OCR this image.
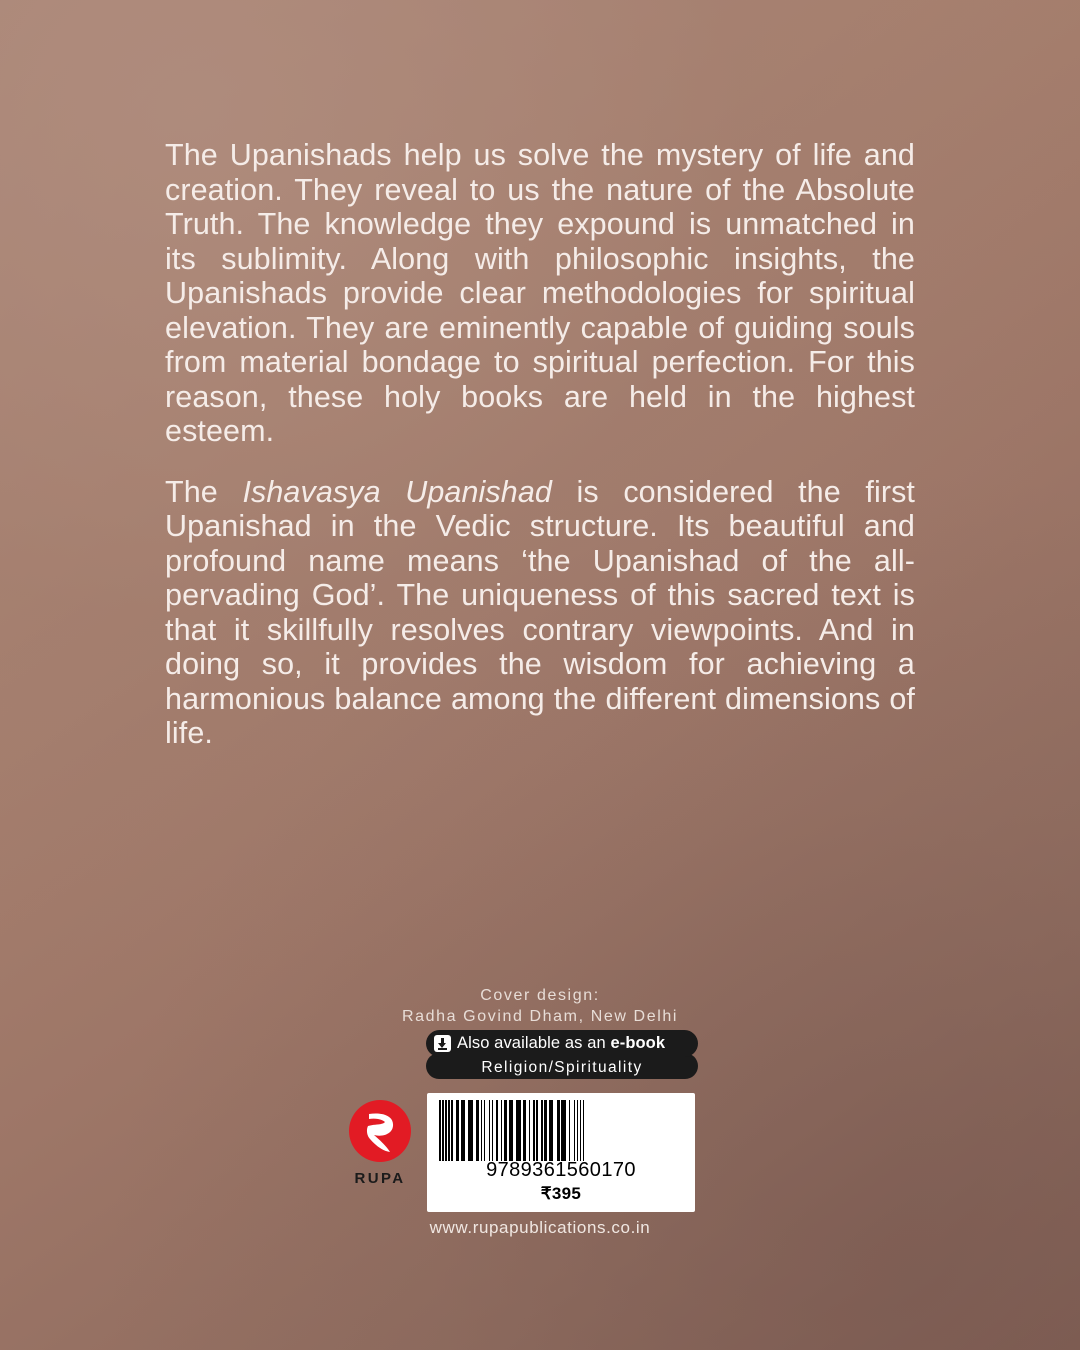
The Upanishads help us solve the mystery of life and creation. They reveal to us the nature of the Absolute Truth. The knowledge they expound is unmatched in its sublimity. Along with philosophic insights, the Upanishads provide clear methodologies for spiritual elevation. They are eminently capable of guiding souls from material bondage to spiritual perfection. For this reason, these holy books are held in the highest esteem.

The Ishavasya Upanishad is considered the first Upanishad in the Vedic structure. Its beautiful and profound name means ‘the Upanishad of the all-pervading God’. The uniqueness of this sacred text is that it skillfully resolves contrary viewpoints. And in doing so, it provides the wisdom for achieving a harmonious balance among the different dimensions of life.

Cover design:
Radha Govind Dham, New Delhi
Religion/Spirituality
Also available as an e-book
9789361560170
₹395
RUPA
www.rupapublications.co.in
